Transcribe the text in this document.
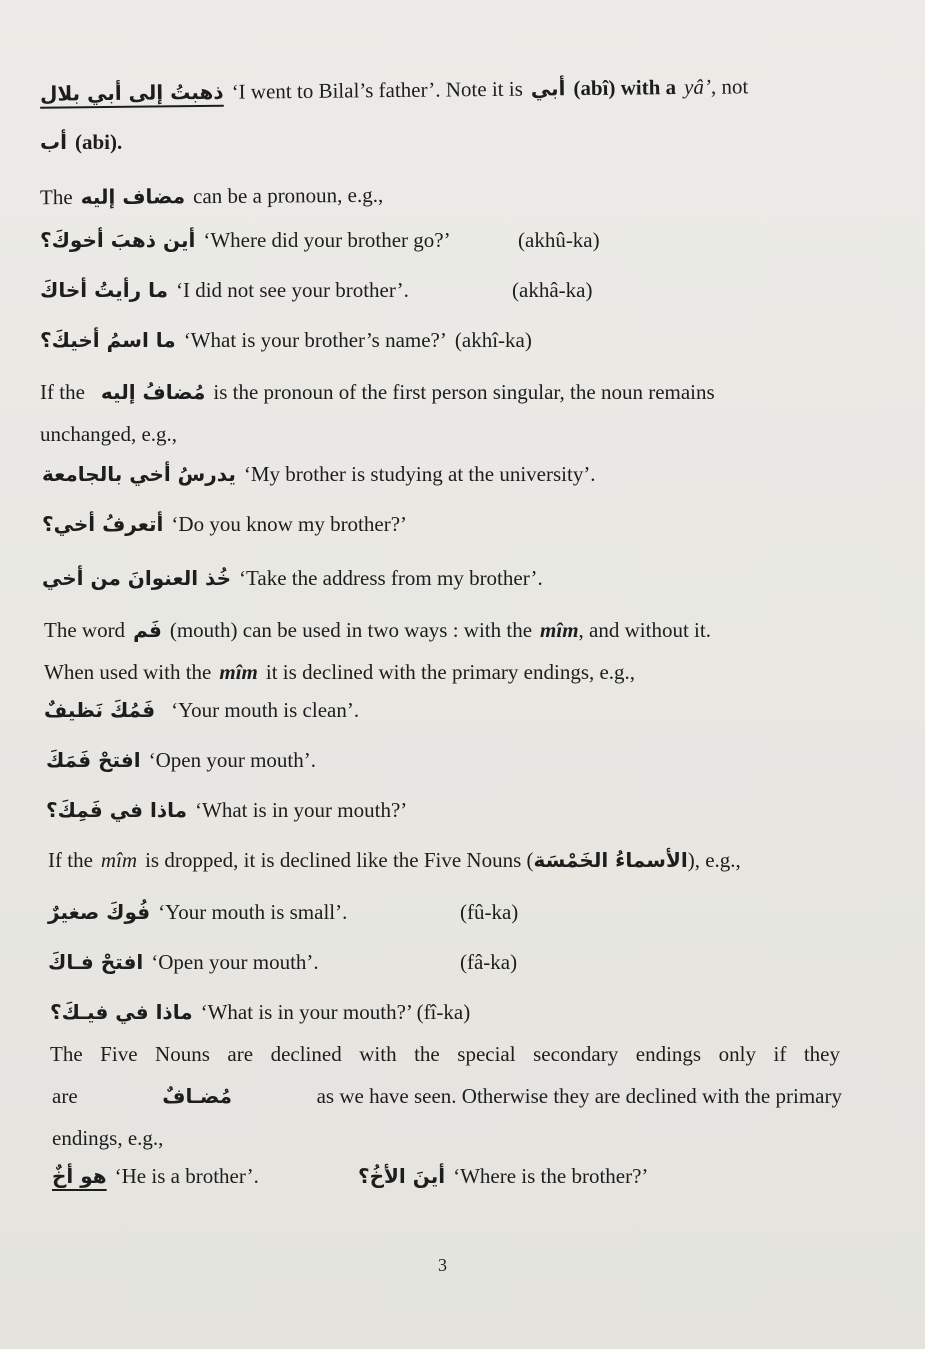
ذهبتُ إلى أبي بلال ‘I went to Bilal’s father’. Note it is أبي (abî) with a yâ’ , not
أب (abi).
The مضاف إليه can be a pronoun, e.g.,
أين ذهبَ أخوكَ؟ ‘Where did your brother go?’	(akhû-ka)
ما رأيتُ أخاكَ ‘I did not see your brother’.	(akhâ-ka)
ما اسمُ أخيكَ؟ ‘What is your brother’s name?’ (akhî-ka)
If the مُضافُ إليه is the pronoun of the first person singular, the noun remains
unchanged, e.g.,
يدرسُ أخي بالجامعة ‘My brother is studying at the university’.
أتعرفُ أخي؟ ‘Do you know my brother?’
خُذ العنوانَ من أخي ‘Take the address from my brother’.
The word فَم (mouth) can be used in two ways : with the mîm , and without it.
When used with the mîm it is declined with the primary endings, e.g.,
فَمُكَ نَظيفٌ ‘Your mouth is clean’.
افتحْ فَمَكَ ‘Open your mouth’.
ماذا في فَمِكَ؟ ‘What is in your mouth?’
If the mîm is dropped, it is declined like the Five Nouns ( الأسماءُ الخَمْسَة ), e.g.,
فُوكَ صغيرٌ ‘Your mouth is small’.	(fû-ka)
افتحْ فـاكَ ‘Open your mouth’.	(fâ-ka)
ماذا في فيـكَ؟ ‘What is in your mouth?’ (fî-ka)
The Five Nouns are declined with the special secondary endings only if they
are	مُضـافٌ	as we have seen. Otherwise they are declined with the primary
endings, e.g.,
هو أخٌ ‘He is a brother’.	أينَ الأخُ؟ ‘Where is the brother?’
3
